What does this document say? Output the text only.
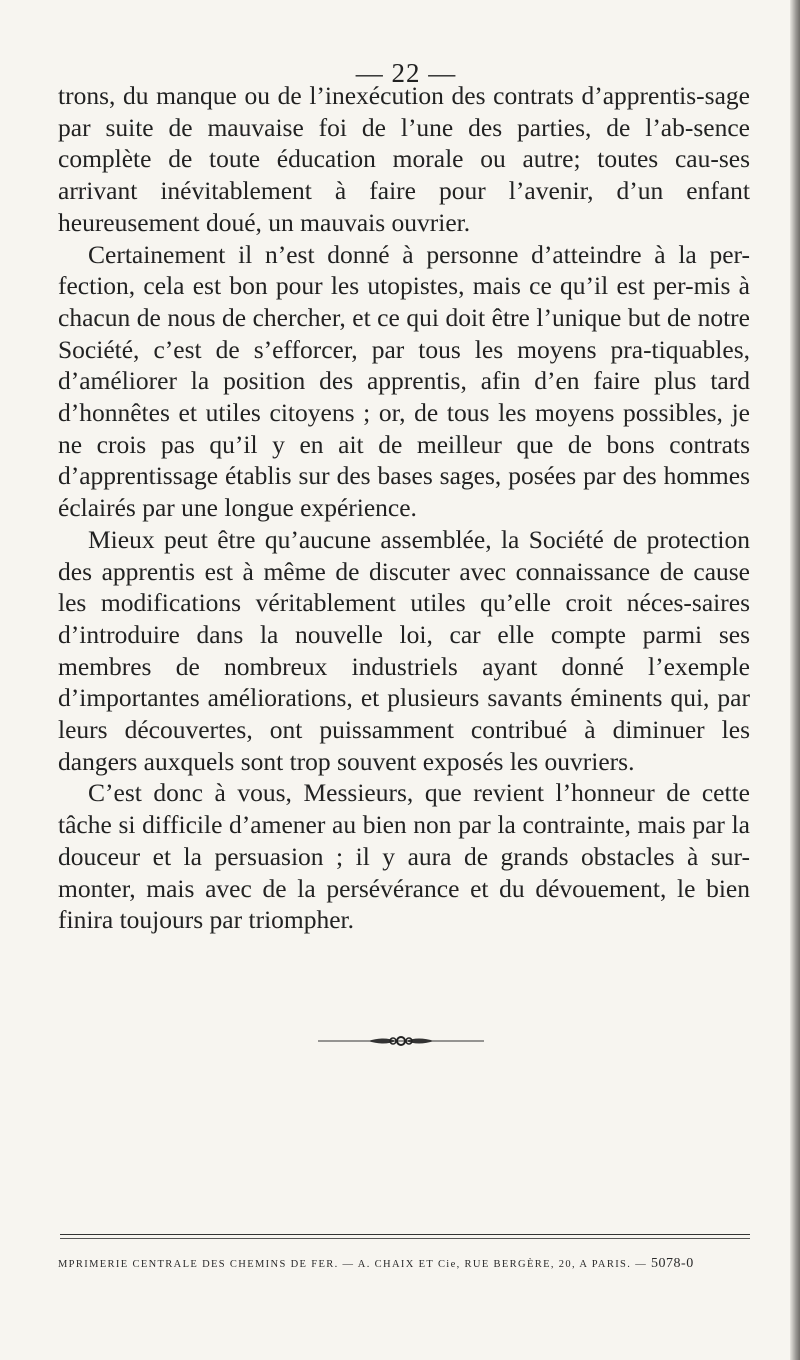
— 22 —

trons, du manque ou de l’inexécution des contrats d’apprentis-sage par suite de mauvaise foi de l’une des parties, de l’ab-sence complète de toute éducation morale ou autre; toutes cau-ses arrivant inévitablement à faire pour l’avenir, d’un enfant heureusement doué, un mauvais ouvrier.

Certainement il n’est donné à personne d’atteindre à la per-fection, cela est bon pour les utopistes, mais ce qu’il est per-mis à chacun de nous de chercher, et ce qui doit être l’unique but de notre Société, c’est de s’efforcer, par tous les moyens pra-tiquables, d’améliorer la position des apprentis, afin d’en faire plus tard d’honnêtes et utiles citoyens ; or, de tous les moyens possibles, je ne crois pas qu’il y en ait de meilleur que de bons contrats d’apprentissage établis sur des bases sages, posées par des hommes éclairés par une longue expérience.

Mieux peut être qu’aucune assemblée, la Société de protection des apprentis est à même de discuter avec connaissance de cause les modifications véritablement utiles qu’elle croit néces-saires d’introduire dans la nouvelle loi, car elle compte parmi ses membres de nombreux industriels ayant donné l’exemple d’importantes améliorations, et plusieurs savants éminents qui, par leurs découvertes, ont puissamment contribué à diminuer les dangers auxquels sont trop souvent exposés les ouvriers.

C’est donc à vous, Messieurs, que revient l’honneur de cette tâche si difficile d’amener au bien non par la contrainte, mais par la douceur et la persuasion ; il y aura de grands obstacles à sur-monter, mais avec de la persévérance et du dévouement, le bien finira toujours par triompher.

MPRIMERIE CENTRALE DES CHEMINS DE FER. — A. CHAIX ET Cie, RUE BERGÈRE, 20, A PARIS. — 5078-0
